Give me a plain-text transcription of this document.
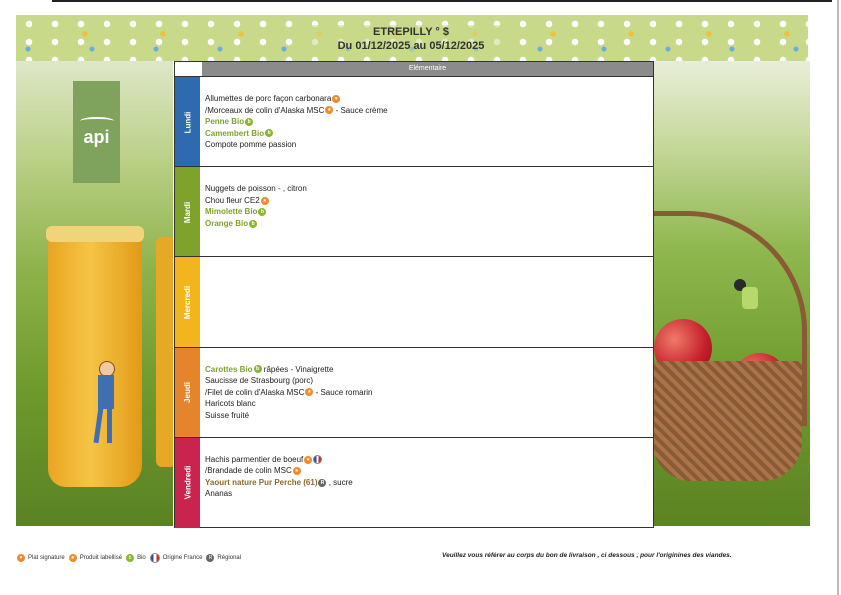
ETREPILLY ° $
Du 01/12/2025 au 05/12/2025
api
Elémentaire
Lundi
Allumettes de porc façon carbonara ♥
/Morceaux de colin d'Alaska MSC ★ - Sauce crème
Penne Bio b
Camembert Bio b
Compote pomme passion
Mardi
Nuggets de poisson - , citron
Chou fleur CE2 ★
Mimolette Bio b
Orange Bio b
Mercredi
Jeudi
Carottes Bio b râpées - Vinaigrette
Saucisse de Strasbourg (porc)
/Filet de colin d'Alaska MSC ★ - Sauce romarin
Haricots blanc
Suisse fruité
Vendredi
Hachis parmentier de boeuf ♥
/Brandade de colin MSC ★
Yaourt nature Pur Perche (61) R , sucre
Ananas
♥ Plat signature	★ Produit labellisé	b Bio	Origine France	R Régional	Veuillez vous référer au corps du bon de livraison , ci dessous , pour l'originines des viandes.
